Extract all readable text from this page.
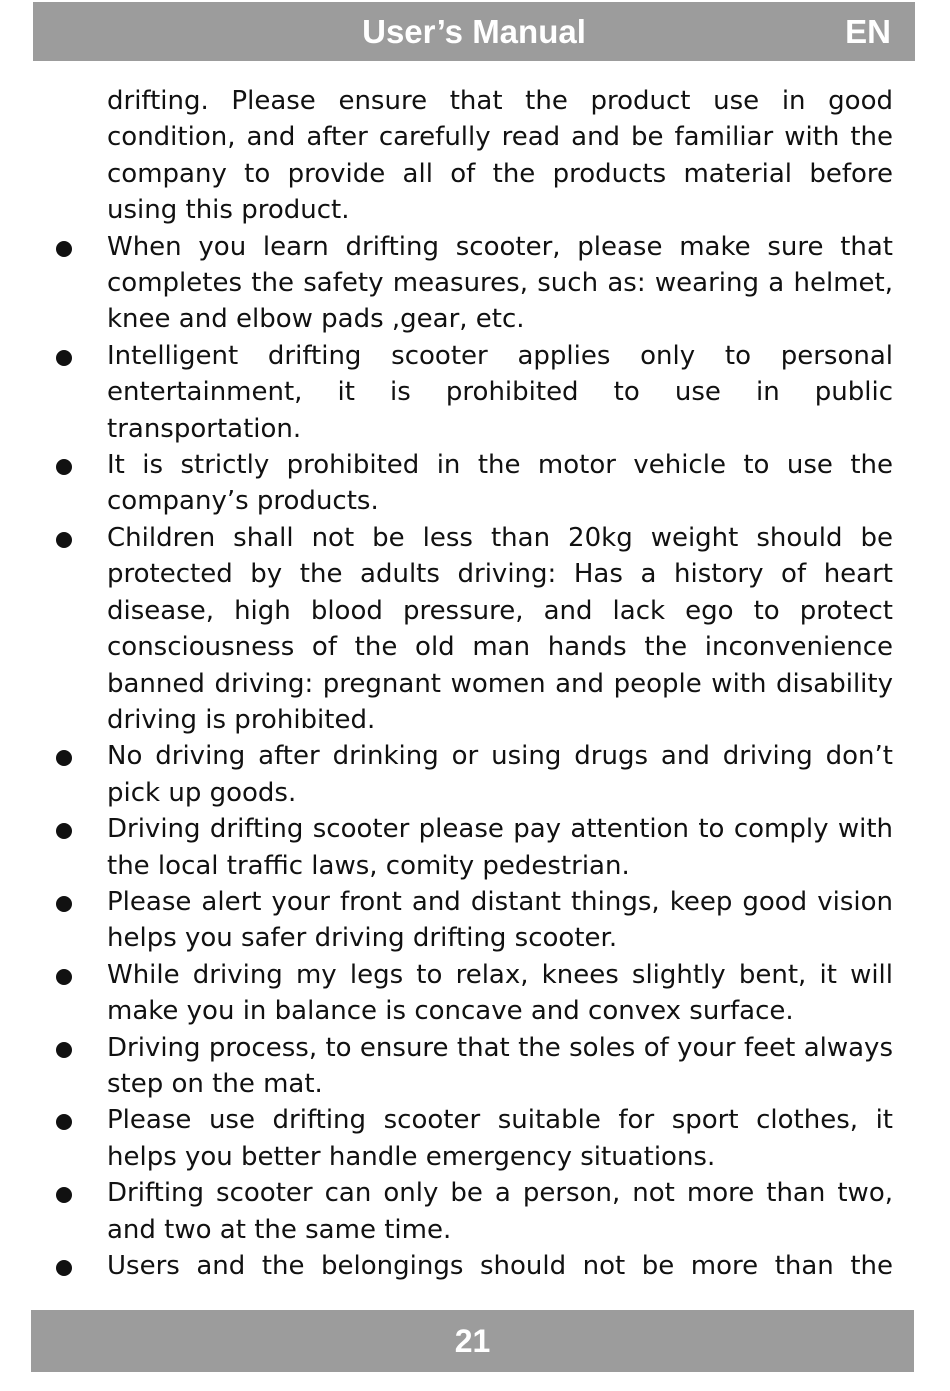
User’s Manual	EN

drifting. Please ensure that the product use in good condition, and after carefully read and be familiar with the company to provide all of the products material before using this product.

When you learn drifting scooter, please make sure that completes the safety measures, such as: wearing a helmet, knee and elbow pads ,gear, etc.
Intelligent drifting scooter applies only to personal entertainment, it is prohibited to use in public transportation.
It is strictly prohibited in the motor vehicle to use the company’s products.
Children shall not be less than 20kg weight should be protected by the adults driving: Has a history of heart disease, high blood pressure, and lack ego to protect consciousness of the old man hands the inconvenience banned driving: pregnant women and people with disability driving is prohibited.
No driving after drinking or using drugs and driving don’t pick up goods.
Driving drifting scooter please pay attention to comply with the local traffic laws, comity pedestrian.
Please alert your front and distant things, keep good vision helps you safer driving drifting scooter.
While driving my legs to relax, knees slightly bent, it will make you in balance is concave and convex surface.
Driving process, to ensure that the soles of your feet always step on the mat.
Please use drifting scooter suitable for sport clothes, it helps you better handle emergency situations.
Drifting scooter can only be a person, not more than two, and two at the same time.
Users and the belongings should not be more than the
21
